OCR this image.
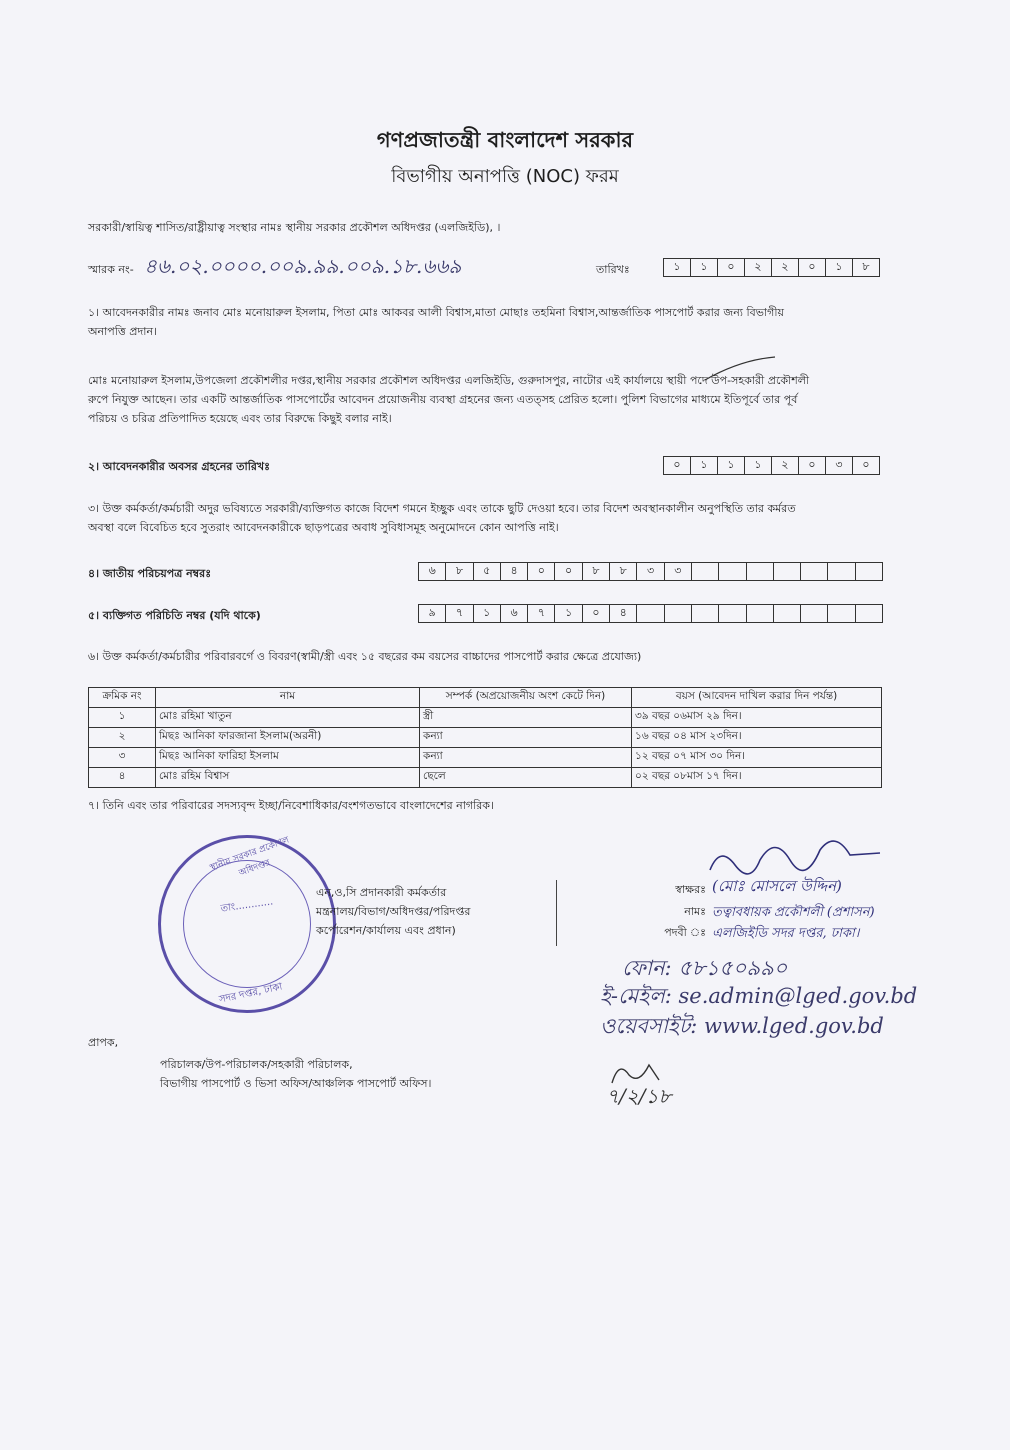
গণপ্রজাতন্ত্রী বাংলাদেশ সরকার
বিভাগীয় অনাপত্তি (NOC) ফরম
সরকারী/স্বায়িত্ব শাসিত/রাষ্ট্রীয়াত্ব সংস্থার নামঃ স্থানীয় সরকার প্রকৌশল অধিদপ্তর (এলজিইডি), ।
স্মারক নং- ৪৬.০২.০০০০.০০৯.৯৯.০০৯.১৮.৬৬৯	তারিখঃ	১	১	০	২	২	০	১	৮
১। আবেদনকারীর নামঃ জনাব মোঃ মনোয়ারুল ইসলাম, পিতা মোঃ আকবর আলী বিশ্বাস,মাতা মোছাঃ তহমিনা বিশ্বাস,আন্তর্জাতিক পাসপোর্ট করার জন্য বিভাগীয়
অনাপত্তি প্রদান।
মোঃ মনোয়ারুল ইসলাম,উপজেলা প্রকৌশলীর দপ্তর,স্থানীয় সরকার প্রকৌশল অধিদপ্তর এলজিইডি, গুরুদাসপুর, নাটোর এই কার্যালয়ে স্থায়ী পদে উপ-সহকারী প্রকৌশলী
রুপে নিযুক্ত আছেন। তার একটি আন্তর্জাতিক পাসপোর্টের আবেদন প্রয়োজনীয় ব্যবস্থা গ্রহনের জন্য এতত্সহ প্রেরিত হলো। পুলিশ বিভাগের মাধ্যমে ইতিপূর্বে তার পূর্ব
পরিচয় ও চরিত্র প্রতিপাদিত হয়েছে এবং তার বিরুদ্ধে কিছুই বলার নাই।
২। আবেদনকারীর অবসর গ্রহনের তারিখঃ	০	১	১	১	২	০	৩	০
৩। উক্ত কর্মকর্তা/কর্মচারী অদুর ভবিষ্যতে সরকারী/ব্যক্তিগত কাজে বিদেশ গমনে ইচ্ছুক এবং তাকে ছুটি দেওয়া হবে। তার বিদেশ অবস্থানকালীন অনুপস্থিতি তার কর্মরত
অবস্থা বলে বিবেচিত হবে সুতরাং আবেদনকারীকে ছাড়পত্রের অবাধ সুবিধাসমূহ অনুমোদনে কোন আপত্তি নাই।
৪। জাতীয় পরিচয়পত্র নম্বরঃ	৬	৮	৫	৪	০	০	৮	৮	৩	৩
৫। ব্যক্তিগত পরিচিতি নম্বর (যদি থাকে)	৯	৭	১	৬	৭	১	০	৪
৬। উক্ত কর্মকর্তা/কর্মচারীর পরিবারবর্গে ও বিবরণ(স্বামী/স্ত্রী এবং ১৫ বছরের কম বয়সের বাচ্চাদের পাসপোর্ট করার ক্ষেত্রে প্রযোজ্য)
ক্রমিক নং	নাম	সম্পর্ক (অপ্রয়োজনীয় অংশ কেটে দিন)	বয়স (আবেদন দাখিল করার দিন পর্যন্ত)
১	মোঃ রহিমা খাতুন	স্ত্রী	৩৯ বছর ০৬মাস ২৯ দিন।
২	মিছঃ আনিকা ফারজানা ইসলাম(অরনী)	কন্যা	১৬ বছর ০৪ মাস ২৩দিন।
৩	মিছঃ আনিকা ফারিহা ইসলাম	কন্যা	১২ বছর ০৭ মাস ৩০ দিন।
৪	মোঃ রহিম বিশ্বাস	ছেলে	০২ বছর ০৮মাস ১৭ দিন।
৭। তিনি এবং তার পরিবারের সদস্যবৃন্দ ইচ্ছা/নিবেশাধিকার/বংশগতভাবে বাংলাদেশের নাগরিক।
তাং............
স্থানীয় সরকার প্রকৌশল অধিদপ্তর
সদর দপ্তর, ঢাকা
এন,ও,সি প্রদানকারী কর্মকর্তার
মন্ত্রনালয়/বিভাগ/অধিদপ্তর/পরিদপ্তর
কর্পোরেশন/কার্যালয় এবং প্রধান)
স্বাক্ষরঃ (মোঃ মোসলে উদ্দিন)
নামঃ তত্বাবধায়ক প্রকৌশলী (প্রশাসন)
পদবী ঃ এলজিইডি সদর দপ্তর, ঢাকা।
ফোন: ৫৮১৫০৯৯০
ই-মেইল: se.admin@lged.gov.bd
ওয়েবসাইট: www.lged.gov.bd
৭/২/১৮
প্রাপক,
পরিচালক/উপ-পরিচালক/সহকারী পরিচালক,
বিভাগীয় পাসপোর্ট ও ভিসা অফিস/আঞ্চলিক পাসপোর্ট অফিস।
